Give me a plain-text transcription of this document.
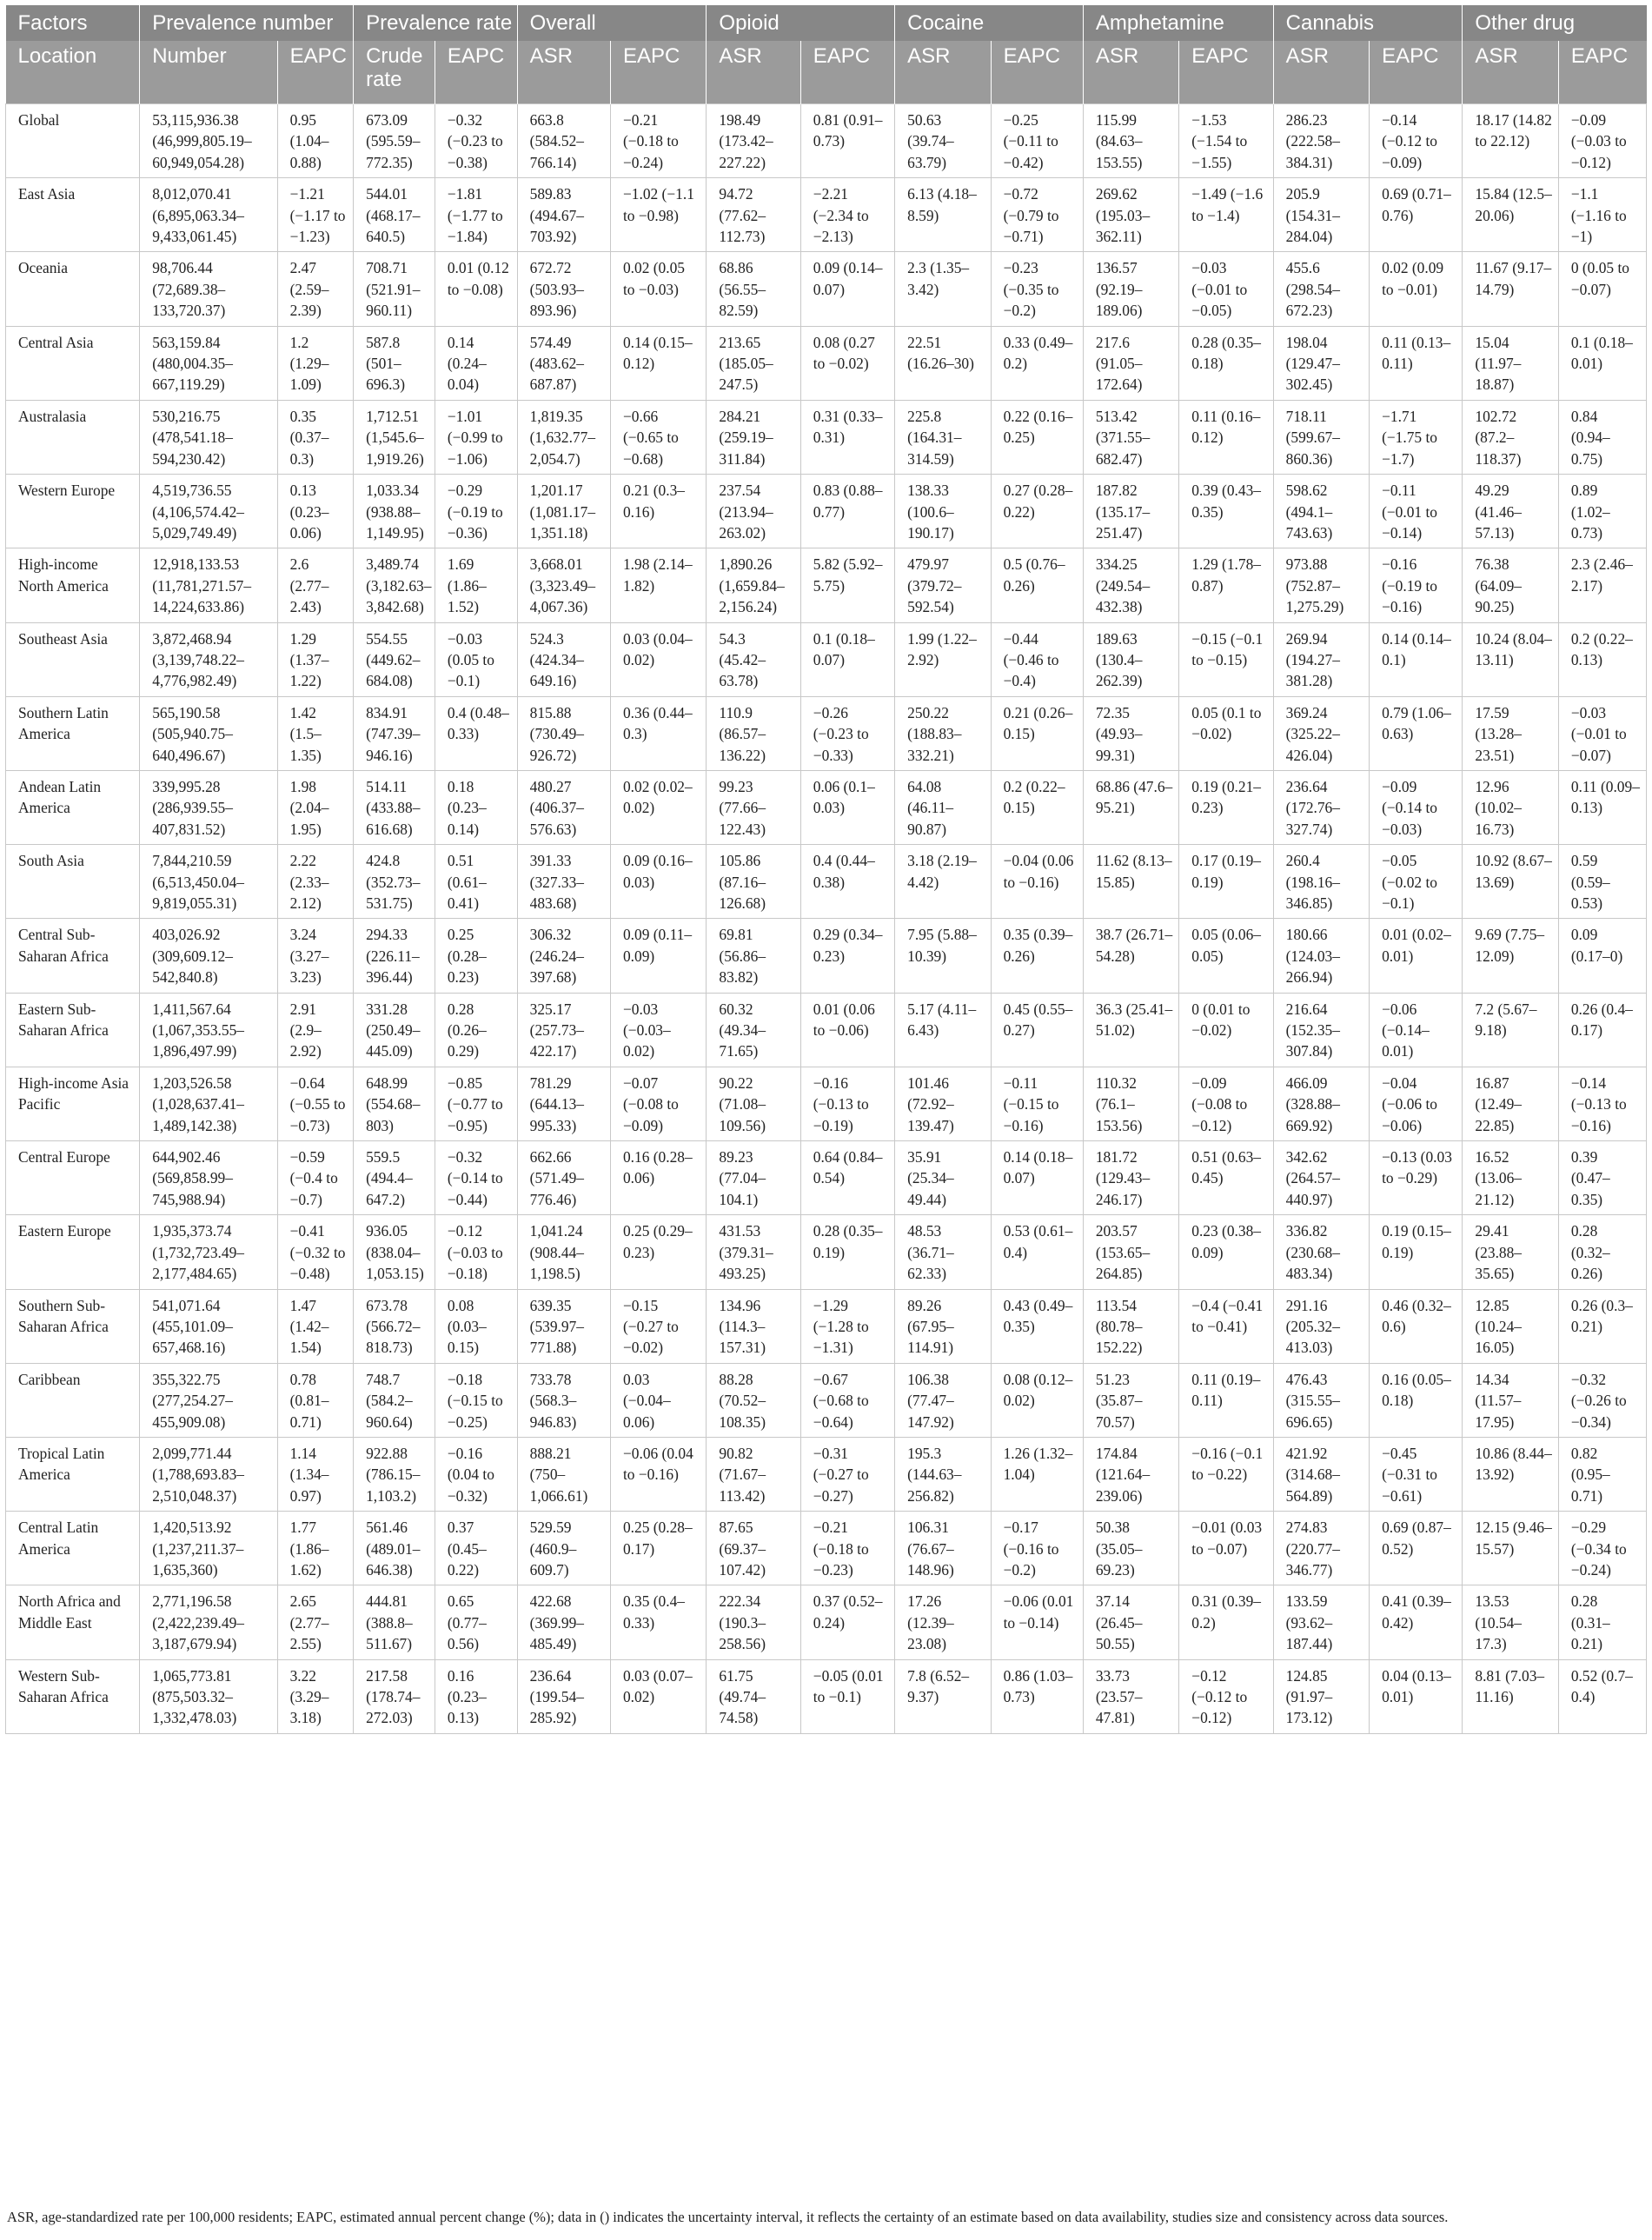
Factors	Prevalence number		Prevalence rate		Overall		Opioid		Cocaine		Amphetamine		Cannabis		Other drug	
Location	Number	EAPC	Crude rate	EAPC	ASR	EAPC	ASR	EAPC	ASR	EAPC	ASR	EAPC	ASR	EAPC	ASR	EAPC
Global	53,115,936.38 (46,999,805.19–60,949,054.28)	0.95 (1.04–0.88)	673.09 (595.59–772.35)	−0.32 (−0.23 to −0.38)	663.8 (584.52–766.14)	−0.21 (−0.18 to −0.24)	198.49 (173.42–227.22)	0.81 (0.91–0.73)	50.63 (39.74–63.79)	−0.25 (−0.11 to −0.42)	115.99 (84.63–153.55)	−1.53 (−1.54 to −1.55)	286.23 (222.58–384.31)	−0.14 (−0.12 to −0.09)	18.17 (14.82 to 22.12)	−0.09 (−0.03 to −0.12)
East Asia	8,012,070.41 (6,895,063.34–9,433,061.45)	−1.21 (−1.17 to −1.23)	544.01 (468.17–640.5)	−1.81 (−1.77 to −1.84)	589.83 (494.67–703.92)	−1.02 (−1.1 to −0.98)	94.72 (77.62–112.73)	−2.21 (−2.34 to −2.13)	6.13 (4.18–8.59)	−0.72 (−0.79 to −0.71)	269.62 (195.03–362.11)	−1.49 (−1.6 to −1.4)	205.9 (154.31–284.04)	0.69 (0.71–0.76)	15.84 (12.5–20.06)	−1.1 (−1.16 to −1)
Oceania	98,706.44 (72,689.38–133,720.37)	2.47 (2.59–2.39)	708.71 (521.91–960.11)	0.01 (0.12 to −0.08)	672.72 (503.93–893.96)	0.02 (0.05 to −0.03)	68.86 (56.55–82.59)	0.09 (0.14–0.07)	2.3 (1.35–3.42)	−0.23 (−0.35 to −0.2)	136.57 (92.19–189.06)	−0.03 (−0.01 to −0.05)	455.6 (298.54–672.23)	0.02 (0.09 to −0.01)	11.67 (9.17–14.79)	0 (0.05 to −0.07)
Central Asia	563,159.84 (480,004.35–667,119.29)	1.2 (1.29–1.09)	587.8 (501–696.3)	0.14 (0.24–0.04)	574.49 (483.62–687.87)	0.14 (0.15–0.12)	213.65 (185.05–247.5)	0.08 (0.27 to −0.02)	22.51 (16.26–30)	0.33 (0.49–0.2)	217.6 (91.05–172.64)	0.28 (0.35–0.18)	198.04 (129.47–302.45)	0.11 (0.13–0.11)	15.04 (11.97–18.87)	0.1 (0.18–0.01)
Australasia	530,216.75 (478,541.18–594,230.42)	0.35 (0.37–0.3)	1,712.51 (1,545.6–1,919.26)	−1.01 (−0.99 to −1.06)	1,819.35 (1,632.77–2,054.7)	−0.66 (−0.65 to −0.68)	284.21 (259.19–311.84)	0.31 (0.33–0.31)	225.8 (164.31–314.59)	0.22 (0.16–0.25)	513.42 (371.55–682.47)	0.11 (0.16–0.12)	718.11 (599.67–860.36)	−1.71 (−1.75 to −1.7)	102.72 (87.2–118.37)	0.84 (0.94–0.75)
Western Europe	4,519,736.55 (4,106,574.42–5,029,749.49)	0.13 (0.23–0.06)	1,033.34 (938.88–1,149.95)	−0.29 (−0.19 to −0.36)	1,201.17 (1,081.17–1,351.18)	0.21 (0.3–0.16)	237.54 (213.94–263.02)	0.83 (0.88–0.77)	138.33 (100.6–190.17)	0.27 (0.28–0.22)	187.82 (135.17–251.47)	0.39 (0.43–0.35)	598.62 (494.1–743.63)	−0.11 (−0.01 to −0.14)	49.29 (41.46–57.13)	0.89 (1.02–0.73)
High-income North America	12,918,133.53 (11,781,271.57–14,224,633.86)	2.6 (2.77–2.43)	3,489.74 (3,182.63–3,842.68)	1.69 (1.86–1.52)	3,668.01 (3,323.49–4,067.36)	1.98 (2.14–1.82)	1,890.26 (1,659.84–2,156.24)	5.82 (5.92–5.75)	479.97 (379.72–592.54)	0.5 (0.76–0.26)	334.25 (249.54–432.38)	1.29 (1.78–0.87)	973.88 (752.87–1,275.29)	−0.16 (−0.19 to −0.16)	76.38 (64.09–90.25)	2.3 (2.46–2.17)
Southeast Asia	3,872,468.94 (3,139,748.22–4,776,982.49)	1.29 (1.37–1.22)	554.55 (449.62–684.08)	−0.03 (0.05 to −0.1)	524.3 (424.34–649.16)	0.03 (0.04–0.02)	54.3 (45.42–63.78)	0.1 (0.18–0.07)	1.99 (1.22–2.92)	−0.44 (−0.46 to −0.4)	189.63 (130.4–262.39)	−0.15 (−0.1 to −0.15)	269.94 (194.27–381.28)	0.14 (0.14–0.1)	10.24 (8.04–13.11)	0.2 (0.22–0.13)
Southern Latin America	565,190.58 (505,940.75–640,496.67)	1.42 (1.5–1.35)	834.91 (747.39–946.16)	0.4 (0.48–0.33)	815.88 (730.49–926.72)	0.36 (0.44–0.3)	110.9 (86.57–136.22)	−0.26 (−0.23 to −0.33)	250.22 (188.83–332.21)	0.21 (0.26–0.15)	72.35 (49.93–99.31)	0.05 (0.1 to −0.02)	369.24 (325.22–426.04)	0.79 (1.06–0.63)	17.59 (13.28–23.51)	−0.03 (−0.01 to −0.07)
Andean Latin America	339,995.28 (286,939.55–407,831.52)	1.98 (2.04–1.95)	514.11 (433.88–616.68)	0.18 (0.23–0.14)	480.27 (406.37–576.63)	0.02 (0.02–0.02)	99.23 (77.66–122.43)	0.06 (0.1–0.03)	64.08 (46.11–90.87)	0.2 (0.22–0.15)	68.86 (47.6–95.21)	0.19 (0.21–0.23)	236.64 (172.76–327.74)	−0.09 (−0.14 to −0.03)	12.96 (10.02–16.73)	0.11 (0.09–0.13)
South Asia	7,844,210.59 (6,513,450.04–9,819,055.31)	2.22 (2.33–2.12)	424.8 (352.73–531.75)	0.51 (0.61–0.41)	391.33 (327.33–483.68)	0.09 (0.16–0.03)	105.86 (87.16–126.68)	0.4 (0.44–0.38)	3.18 (2.19–4.42)	−0.04 (0.06 to −0.16)	11.62 (8.13–15.85)	0.17 (0.19–0.19)	260.4 (198.16–346.85)	−0.05 (−0.02 to −0.1)	10.92 (8.67–13.69)	0.59 (0.59–0.53)
Central Sub-Saharan Africa	403,026.92 (309,609.12–542,840.8)	3.24 (3.27–3.23)	294.33 (226.11–396.44)	0.25 (0.28–0.23)	306.32 (246.24–397.68)	0.09 (0.11–0.09)	69.81 (56.86–83.82)	0.29 (0.34–0.23)	7.95 (5.88–10.39)	0.35 (0.39–0.26)	38.7 (26.71–54.28)	0.05 (0.06–0.05)	180.66 (124.03–266.94)	0.01 (0.02–0.01)	9.69 (7.75–12.09)	0.09 (0.17–0)
Eastern Sub-Saharan Africa	1,411,567.64 (1,067,353.55–1,896,497.99)	2.91 (2.9–2.92)	331.28 (250.49–445.09)	0.28 (0.26–0.29)	325.17 (257.73–422.17)	−0.03 (−0.03–0.02)	60.32 (49.34–71.65)	0.01 (0.06 to −0.06)	5.17 (4.11–6.43)	0.45 (0.55–0.27)	36.3 (25.41–51.02)	0 (0.01 to −0.02)	216.64 (152.35–307.84)	−0.06 (−0.14–0.01)	7.2 (5.67–9.18)	0.26 (0.4–0.17)
High-income Asia Pacific	1,203,526.58 (1,028,637.41–1,489,142.38)	−0.64 (−0.55 to −0.73)	648.99 (554.68–803)	−0.85 (−0.77 to −0.95)	781.29 (644.13–995.33)	−0.07 (−0.08 to −0.09)	90.22 (71.08–109.56)	−0.16 (−0.13 to −0.19)	101.46 (72.92–139.47)	−0.11 (−0.15 to −0.16)	110.32 (76.1–153.56)	−0.09 (−0.08 to −0.12)	466.09 (328.88–669.92)	−0.04 (−0.06 to −0.06)	16.87 (12.49–22.85)	−0.14 (−0.13 to −0.16)
Central Europe	644,902.46 (569,858.99–745,988.94)	−0.59 (−0.4 to −0.7)	559.5 (494.4–647.2)	−0.32 (−0.14 to −0.44)	662.66 (571.49–776.46)	0.16 (0.28–0.06)	89.23 (77.04–104.1)	0.64 (0.84–0.54)	35.91 (25.34–49.44)	0.14 (0.18–0.07)	181.72 (129.43–246.17)	0.51 (0.63–0.45)	342.62 (264.57–440.97)	−0.13 (0.03 to −0.29)	16.52 (13.06–21.12)	0.39 (0.47–0.35)
Eastern Europe	1,935,373.74 (1,732,723.49–2,177,484.65)	−0.41 (−0.32 to −0.48)	936.05 (838.04–1,053.15)	−0.12 (−0.03 to −0.18)	1,041.24 (908.44–1,198.5)	0.25 (0.29–0.23)	431.53 (379.31–493.25)	0.28 (0.35–0.19)	48.53 (36.71–62.33)	0.53 (0.61–0.4)	203.57 (153.65–264.85)	0.23 (0.38–0.09)	336.82 (230.68–483.34)	0.19 (0.15–0.19)	29.41 (23.88–35.65)	0.28 (0.32–0.26)
Southern Sub-Saharan Africa	541,071.64 (455,101.09–657,468.16)	1.47 (1.42–1.54)	673.78 (566.72–818.73)	0.08 (0.03–0.15)	639.35 (539.97–771.88)	−0.15 (−0.27 to −0.02)	134.96 (114.3–157.31)	−1.29 (−1.28 to −1.31)	89.26 (67.95–114.91)	0.43 (0.49–0.35)	113.54 (80.78–152.22)	−0.4 (−0.41 to −0.41)	291.16 (205.32–413.03)	0.46 (0.32–0.6)	12.85 (10.24–16.05)	0.26 (0.3–0.21)
Caribbean	355,322.75 (277,254.27–455,909.08)	0.78 (0.81–0.71)	748.7 (584.2–960.64)	−0.18 (−0.15 to −0.25)	733.78 (568.3–946.83)	0.03 (−0.04–0.06)	88.28 (70.52–108.35)	−0.67 (−0.68 to −0.64)	106.38 (77.47–147.92)	0.08 (0.12–0.02)	51.23 (35.87–70.57)	0.11 (0.19–0.11)	476.43 (315.55–696.65)	0.16 (0.05–0.18)	14.34 (11.57–17.95)	−0.32 (−0.26 to −0.34)
Tropical Latin America	2,099,771.44 (1,788,693.83–2,510,048.37)	1.14 (1.34–0.97)	922.88 (786.15–1,103.2)	−0.16 (0.04 to −0.32)	888.21 (750–1,066.61)	−0.06 (0.04 to −0.16)	90.82 (71.67–113.42)	−0.31 (−0.27 to −0.27)	195.3 (144.63–256.82)	1.26 (1.32–1.04)	174.84 (121.64–239.06)	−0.16 (−0.1 to −0.22)	421.92 (314.68–564.89)	−0.45 (−0.31 to −0.61)	10.86 (8.44–13.92)	0.82 (0.95–0.71)
Central Latin America	1,420,513.92 (1,237,211.37–1,635,360)	1.77 (1.86–1.62)	561.46 (489.01–646.38)	0.37 (0.45–0.22)	529.59 (460.9–609.7)	0.25 (0.28–0.17)	87.65 (69.37–107.42)	−0.21 (−0.18 to −0.23)	106.31 (76.67–148.96)	−0.17 (−0.16 to −0.2)	50.38 (35.05–69.23)	−0.01 (0.03 to −0.07)	274.83 (220.77–346.77)	0.69 (0.87–0.52)	12.15 (9.46–15.57)	−0.29 (−0.34 to −0.24)
North Africa and Middle East	2,771,196.58 (2,422,239.49–3,187,679.94)	2.65 (2.77–2.55)	444.81 (388.8–511.67)	0.65 (0.77–0.56)	422.68 (369.99–485.49)	0.35 (0.4–0.33)	222.34 (190.3–258.56)	0.37 (0.52–0.24)	17.26 (12.39–23.08)	−0.06 (0.01 to −0.14)	37.14 (26.45–50.55)	0.31 (0.39–0.2)	133.59 (93.62–187.44)	0.41 (0.39–0.42)	13.53 (10.54–17.3)	0.28 (0.31–0.21)
Western Sub-Saharan Africa	1,065,773.81 (875,503.32–1,332,478.03)	3.22 (3.29–3.18)	217.58 (178.74–272.03)	0.16 (0.23–0.13)	236.64 (199.54–285.92)	0.03 (0.07–0.02)	61.75 (49.74–74.58)	−0.05 (0.01 to −0.1)	7.8 (6.52–9.37)	0.86 (1.03–0.73)	33.73 (23.57–47.81)	−0.12 (−0.12 to −0.12)	124.85 (91.97–173.12)	0.04 (0.13–0.01)	8.81 (7.03–11.16)	0.52 (0.7–0.4)
ASR, age-standardized rate per 100,000 residents; EAPC, estimated annual percent change (%); data in () indicates the uncertainty interval, it reflects the certainty of an estimate based on data availability, studies size and consistency across data sources.
